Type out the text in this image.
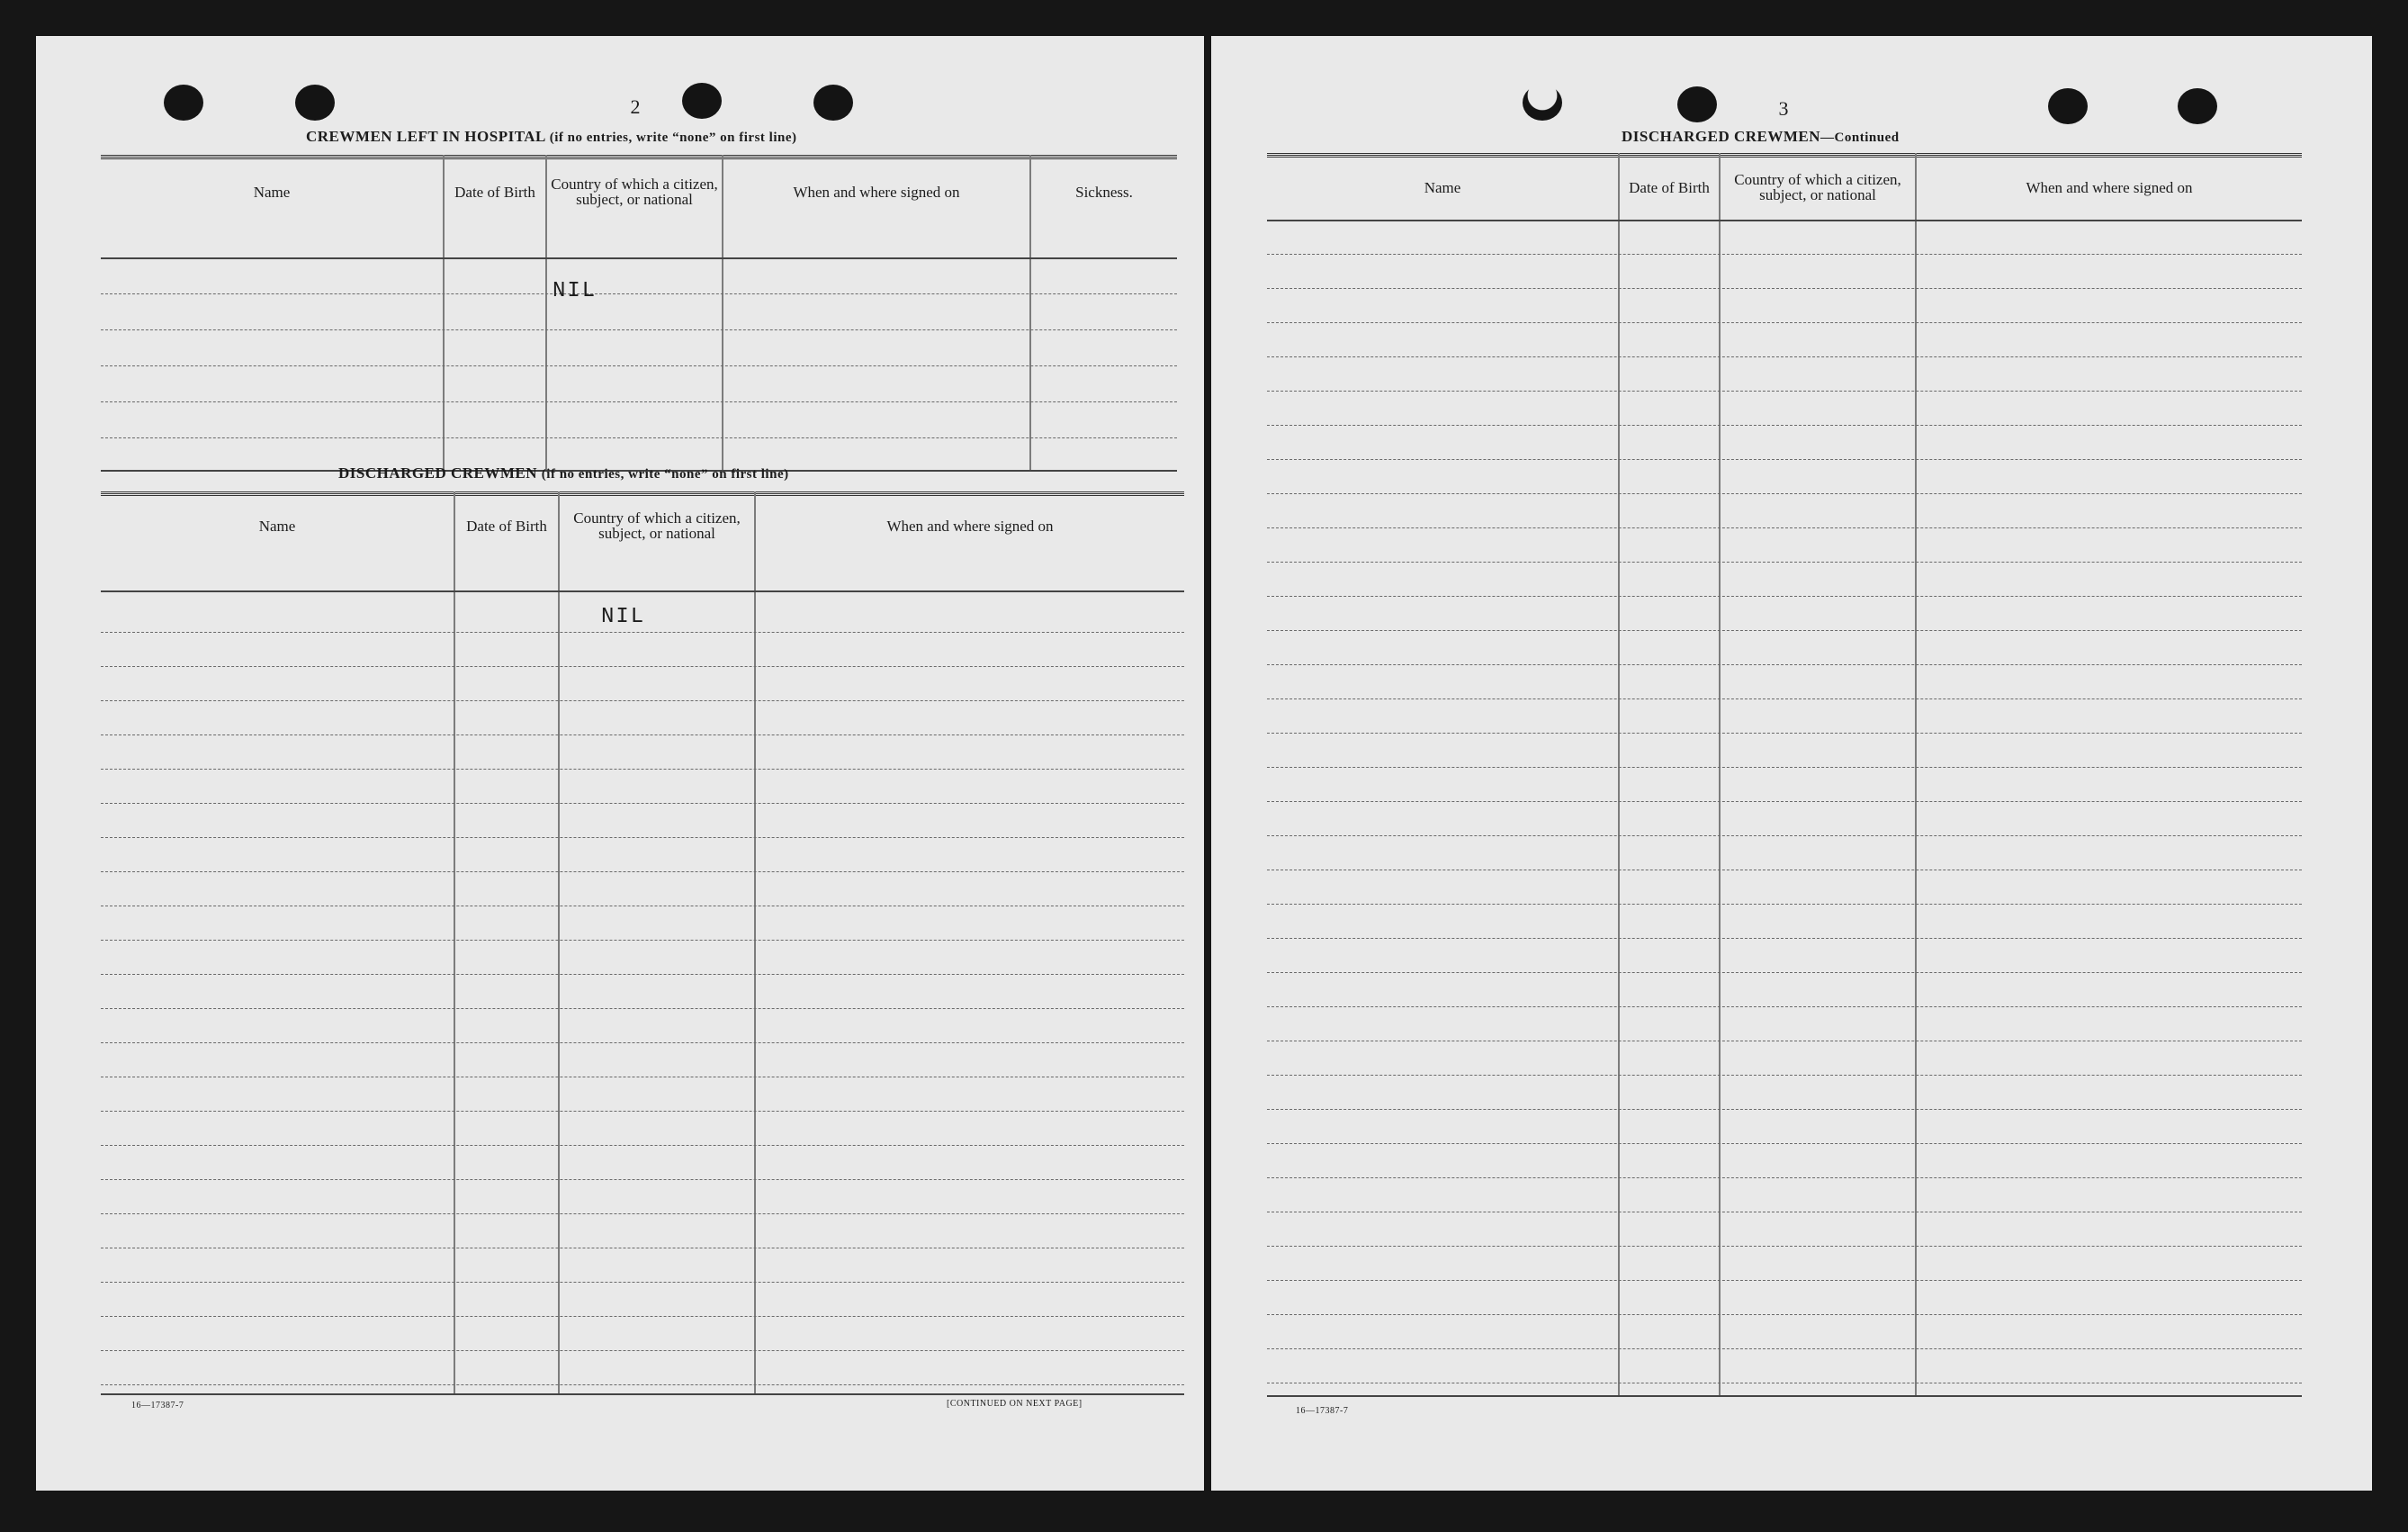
2
CREWMEN LEFT IN HOSPITAL (if no entries, write “none” on first line)
Name	Date of Birth	Country of which a citizen, subject, or national	When and where signed on	Sickness.
NIL
DISCHARGED CREWMEN (if no entries, write “none” on first line)
Name	Date of Birth	Country of which a citizen, subject, or national	When and where signed on
NIL
16—17387-7	[CONTINUED ON NEXT PAGE]
3
DISCHARGED CREWMEN—Continued
Name	Date of Birth	Country of which a citizen, subject, or national	When and where signed on
16—17387-7
